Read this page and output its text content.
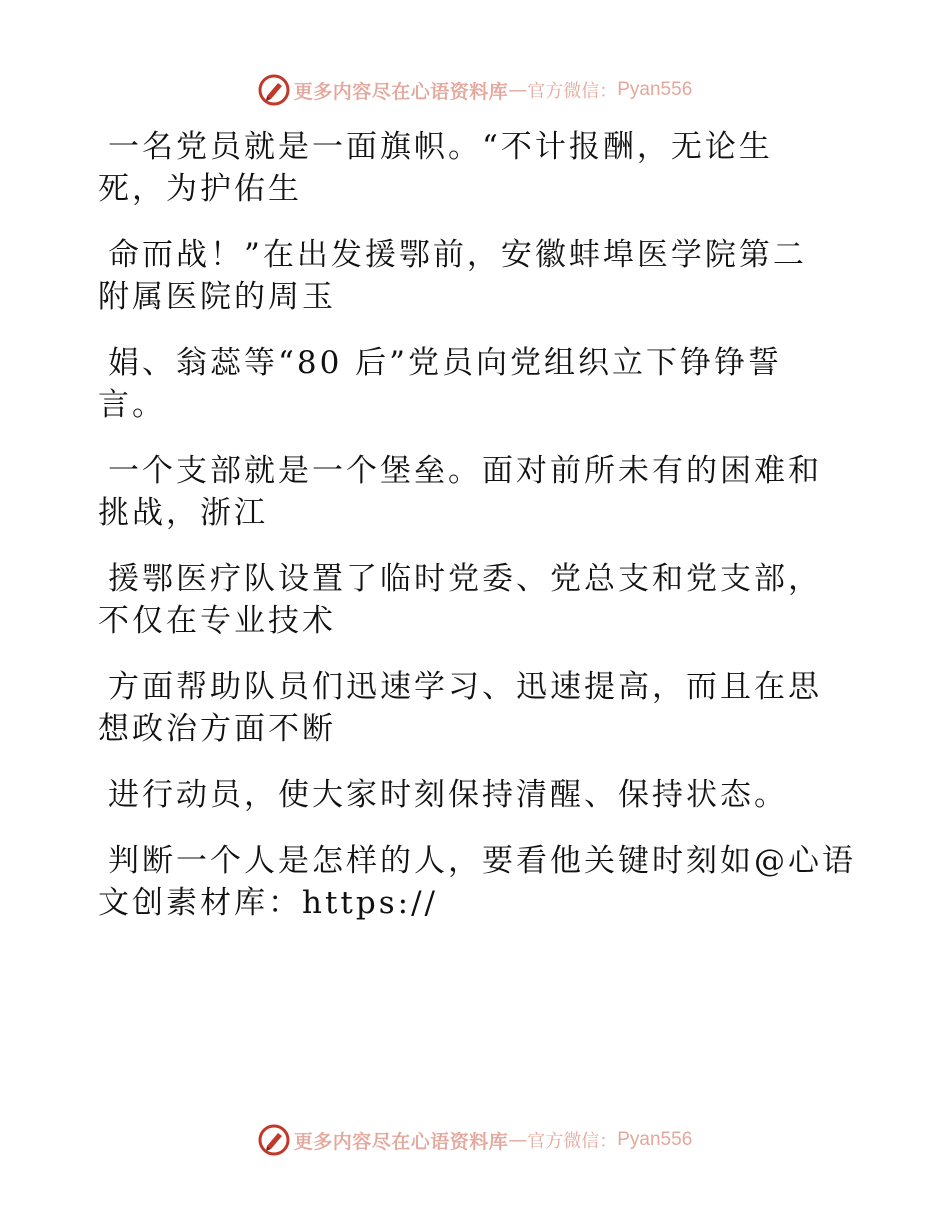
更多内容尽在心语资料库 — 官方微信： Pyan556

一名党员就是一面旗帜。“不计报酬，无论生
死，为护佑生

命而战！”在出发援鄂前，安徽蚌埠医学院第二
附属医院的周玉

娟、翁蕊等“80 后”党员向党组织立下铮铮誓
言。

一个支部就是一个堡垒。面对前所未有的困难和
挑战，浙江

援鄂医疗队设置了临时党委、党总支和党支部，
不仅在专业技术

方面帮助队员们迅速学习、迅速提高，而且在思
想政治方面不断

进行动员，使大家时刻保持清醒、保持状态。

判断一个人是怎样的人，要看他关键时刻如@心语
文创素材库：https://

更多内容尽在心语资料库 — 官方微信： Pyan556
